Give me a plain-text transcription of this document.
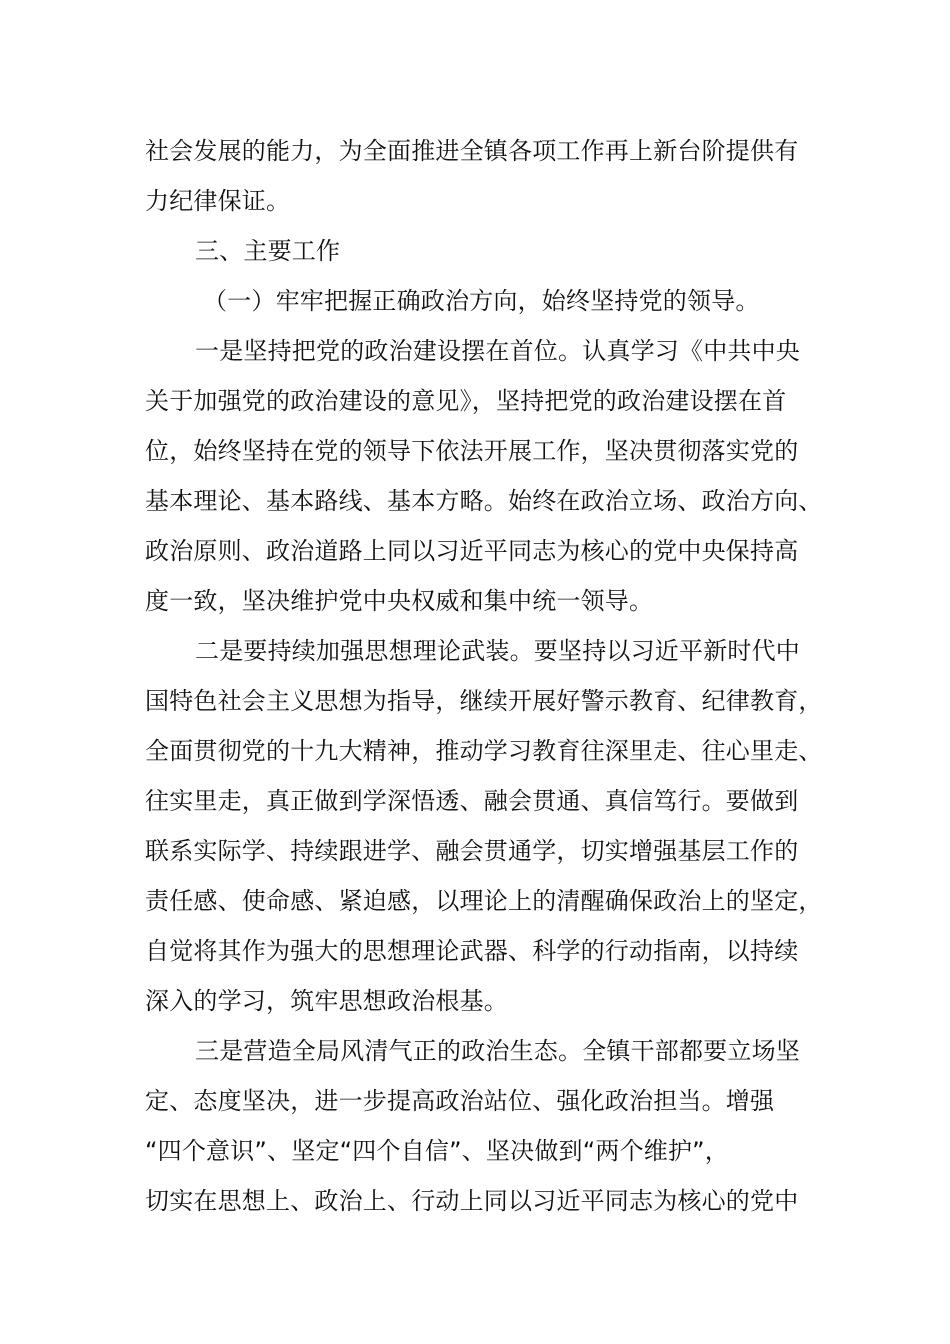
社会发展的能力，为全面推进全镇各项工作再上新台阶提供有
力纪律保证。
三、主要工作
（一）牢牢把握正确政治方向，始终坚持党的领导。
一是坚持把党的政治建设摆在首位。认真学习《中共中央
关于加强党的政治建设的意见》，坚持把党的政治建设摆在首
位，始终坚持在党的领导下依法开展工作，坚决贯彻落实党的
基本理论、基本路线、基本方略。始终在政治立场、政治方向、
政治原则、政治道路上同以习近平同志为核心的党中央保持高
度一致，坚决维护党中央权威和集中统一领导。
二是要持续加强思想理论武装。要坚持以习近平新时代中
国特色社会主义思想为指导，继续开展好警示教育、纪律教育，
全面贯彻党的十九大精神，推动学习教育往深里走、往心里走、
往实里走，真正做到学深悟透、融会贯通、真信笃行。要做到
联系实际学、持续跟进学、融会贯通学，切实增强基层工作的
责任感、使命感、紧迫感，以理论上的清醒确保政治上的坚定，
自觉将其作为强大的思想理论武器、科学的行动指南，以持续
深入的学习，筑牢思想政治根基。
三是营造全局风清气正的政治生态。全镇干部都要立场坚
定、态度坚决，进一步提高政治站位、强化政治担当。增强
“四个意识”、坚定“四个自信”、坚决做到“两个维护”，
切实在思想上、政治上、行动上同以习近平同志为核心的党中
